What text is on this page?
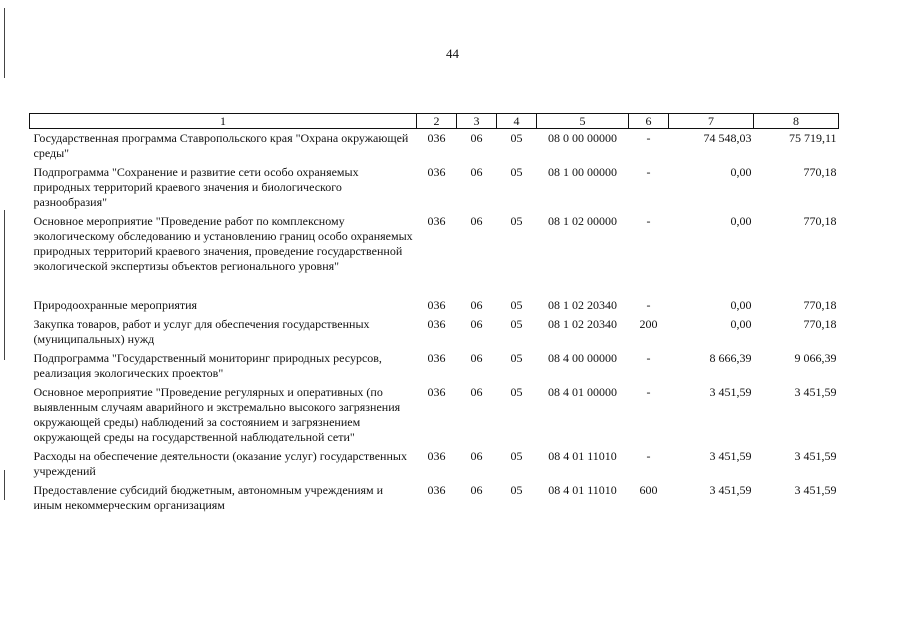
44
1	2	3	4	5	6	7	8
Государственная программа Ставропольского края "Охрана окружающей среды"	036	06	05	08 0 00 00000	-	74 548,03	75 719,11
Подпрограмма "Сохранение и развитие сети особо охраняемых природных территорий краевого значения и биологического разнообразия"	036	06	05	08 1 00 00000	-	0,00	770,18
Основное мероприятие "Проведение работ по комплексному экологическому обследованию и установлению границ особо охраняемых природных территорий краевого значения, проведение государственной экологической экспертизы объектов регионального уровня"	036	06	05	08 1 02 00000	-	0,00	770,18

Природоохранные мероприятия	036	06	05	08 1 02 20340	-	0,00	770,18
Закупка товаров, работ и услуг для обеспечения государственных (муниципальных) нужд	036	06	05	08 1 02 20340	200	0,00	770,18
Подпрограмма "Государственный мониторинг природных ресурсов, реализация экологических проектов"	036	06	05	08 4 00 00000	-	8 666,39	9 066,39
Основное мероприятие "Проведение регулярных и оперативных (по выявленным случаям аварийного и экстремально высокого загрязнения окружающей среды) наблюдений за состоянием и загрязнением окружающей среды на государственной наблюдательной сети"	036	06	05	08 4 01 00000	-	3 451,59	3 451,59
Расходы на обеспечение деятельности (оказание услуг) государственных учреждений	036	06	05	08 4 01 11010	-	3 451,59	3 451,59
Предоставление субсидий бюджетным, автономным учреждениям и иным некоммерческим организациям	036	06	05	08 4 01 11010	600	3 451,59	3 451,59
